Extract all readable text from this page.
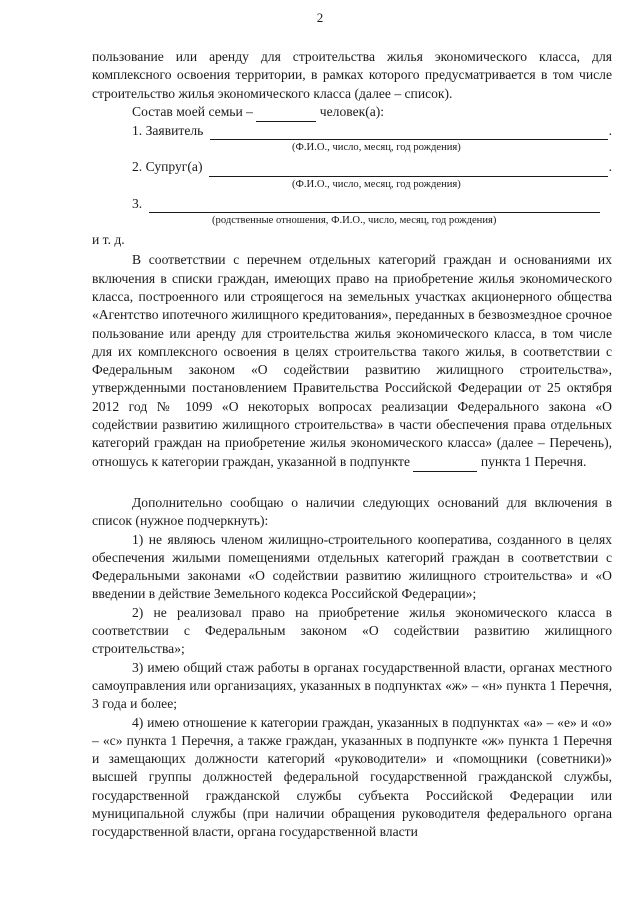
2

пользование или аренду для строительства жилья экономического класса, для комплексного освоения территории, в рамках которого предусматривается в том числе строительство жилья экономического класса (далее – список).

Состав моей семьи –	человек(а):
1. Заявитель	.
(Ф.И.О., число, месяц, год рождения)
2. Супруг(а)	.
(Ф.И.О., число, месяц, год рождения)
3.
(родственные отношения, Ф.И.О., число, месяц, год рождения)
и т. д.

В соответствии с перечнем отдельных категорий граждан и основаниями их включения в списки граждан, имеющих право на приобретение жилья экономического класса, построенного или строящегося на земельных участках акционерного общества «Агентство ипотечного жилищного кредитования», переданных в безвозмездное срочное пользование или аренду для строительства жилья экономического класса, в том числе для их комплексного освоения в целях строительства такого жилья, в соответствии с Федеральным законом «О содействии развитию жилищного строительства», утвержденными постановлением Правительства Российской Федерации от 25 октября 2012 год № 1099 «О некоторых вопросах реализации Федерального закона «О содействии развитию жилищного строительства» в части обеспечения права отдельных категорий граждан на приобретение жилья экономического класса» (далее – Перечень), отношусь к категории граждан, указанной в подпункте	пункта 1 Перечня.

Дополнительно сообщаю о наличии следующих оснований для включения в список (нужное подчеркнуть):

1) не являюсь членом жилищно-строительного кооператива, созданного в целях обеспечения жилыми помещениями отдельных категорий граждан в соответствии с Федеральными законами «О содействии развитию жилищного строительства» и «О введении в действие Земельного кодекса Российской Федерации»;

2) не реализовал право на приобретение жилья экономического класса в соответствии с Федеральным законом «О содействии развитию жилищного строительства»;

3) имею общий стаж работы в органах государственной власти, органах местного самоуправления или организациях, указанных в подпунктах «ж» – «н» пункта 1 Перечня, 3 года и более;

4) имею отношение к категории граждан, указанных в подпунктах «а» – «е» и «о» – «с» пункта 1 Перечня, а также граждан, указанных в подпункте «ж» пункта 1 Перечня и замещающих должности категорий «руководители» и «помощники (советники)» высшей группы должностей федеральной государственной гражданской службы, государственной гражданской службы субъекта Российской Федерации или муниципальной службы (при наличии обращения руководителя федерального органа государственной власти, органа государственной власти
